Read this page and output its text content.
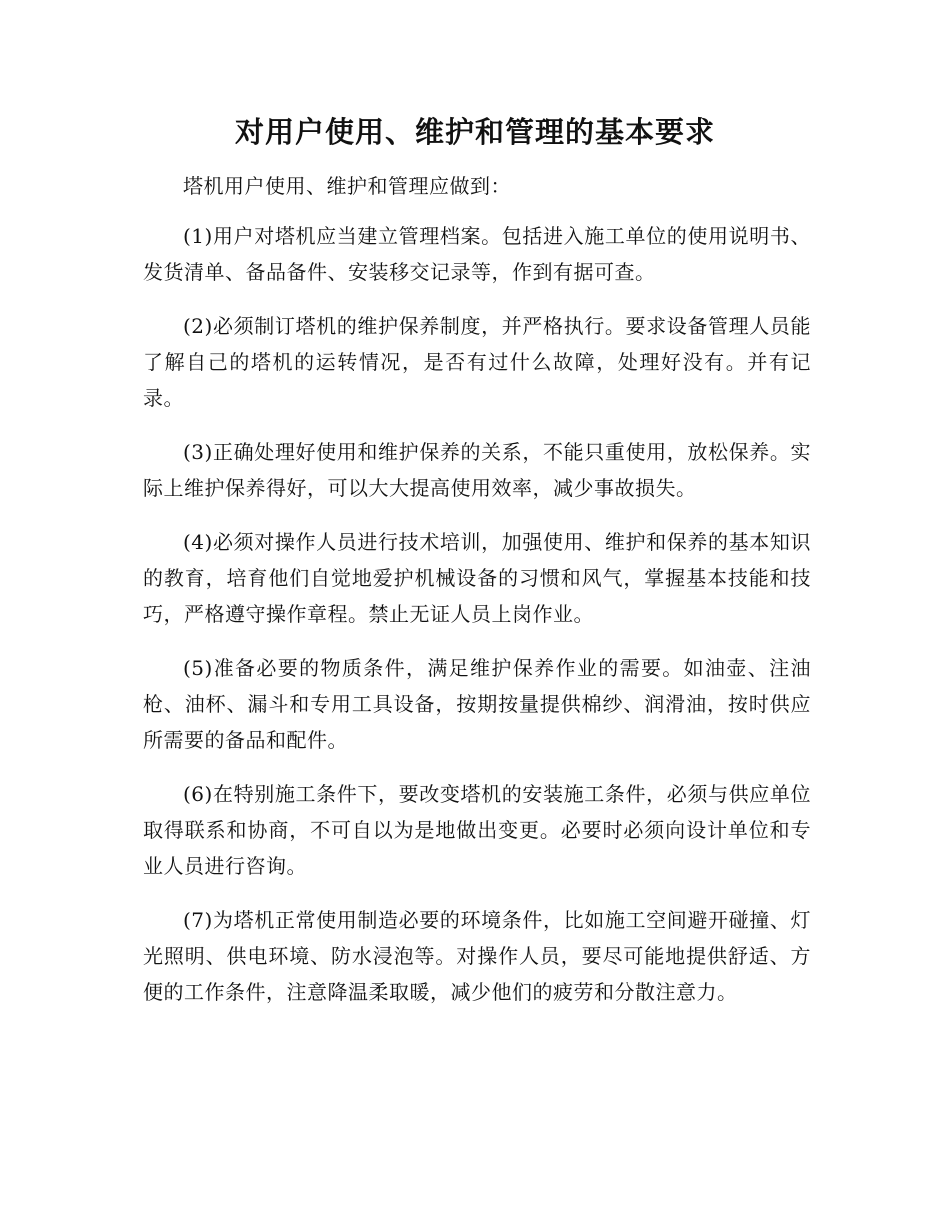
对用户使用、维护和管理的基本要求

塔机用户使用、维护和管理应做到：

(1)用户对塔机应当建立管理档案。包括进入施工单位的使用说明书、发货清单、备品备件、安装移交记录等，作到有据可查。

(2)必须制订塔机的维护保养制度，并严格执行。要求设备管理人员能了解自己的塔机的运转情况，是否有过什么故障，处理好没有。并有记录。

(3)正确处理好使用和维护保养的关系，不能只重使用，放松保养。实际上维护保养得好，可以大大提高使用效率，减少事故损失。

(4)必须对操作人员进行技术培训，加强使用、维护和保养的基本知识的教育，培育他们自觉地爱护机械设备的习惯和风气，掌握基本技能和技巧，严格遵守操作章程。禁止无证人员上岗作业。

(5)准备必要的物质条件，满足维护保养作业的需要。如油壶、注油枪、油杯、漏斗和专用工具设备，按期按量提供棉纱、润滑油，按时供应所需要的备品和配件。

(6)在特别施工条件下，要改变塔机的安装施工条件，必须与供应单位取得联系和协商，不可自以为是地做出变更。必要时必须向设计单位和专业人员进行咨询。

(7)为塔机正常使用制造必要的环境条件，比如施工空间避开碰撞、灯光照明、供电环境、防水浸泡等。对操作人员，要尽可能地提供舒适、方便的工作条件，注意降温柔取暖，减少他们的疲劳和分散注意力。
